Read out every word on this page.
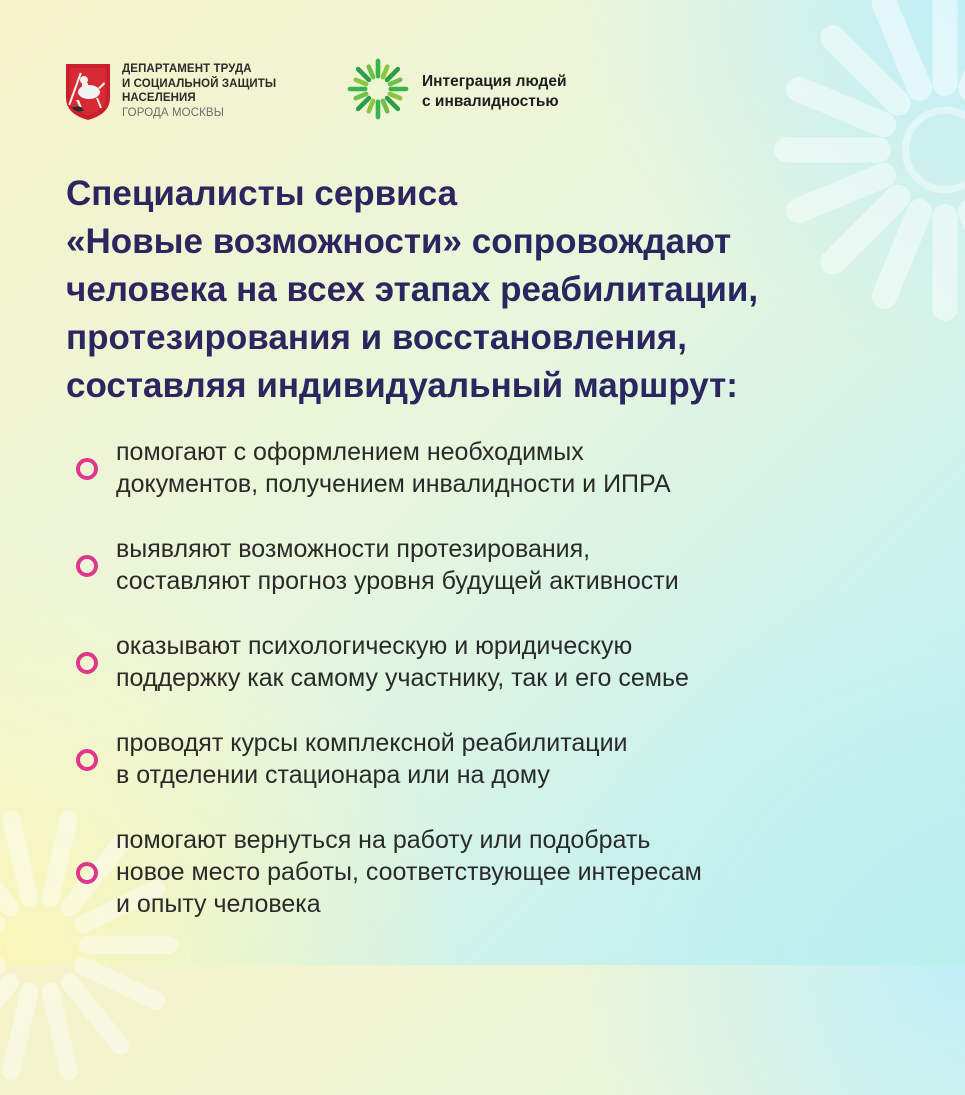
ДЕПАРТАМЕНТ ТРУДА
И СОЦИАЛЬНОЙ ЗАЩИТЫ
НАСЕЛЕНИЯ
ГОРОДА МОСКВЫ
Интеграция людей
с инвалидностью
Специалисты сервиса
«Новые возможности» сопровождают
человека на всех этапах реабилитации,
протезирования и восстановления,
составляя индивидуальный маршрут:
помогают с оформлением необходимых
документов, получением инвалидности и ИПРА
выявляют возможности протезирования,
составляют прогноз уровня будущей активности
оказывают психологическую и юридическую
поддержку как самому участнику, так и его семье
проводят курсы комплексной реабилитации
в отделении стационара или на дому
помогают вернуться на работу или подобрать
новое место работы, соответствующее интересам
и опыту человека
